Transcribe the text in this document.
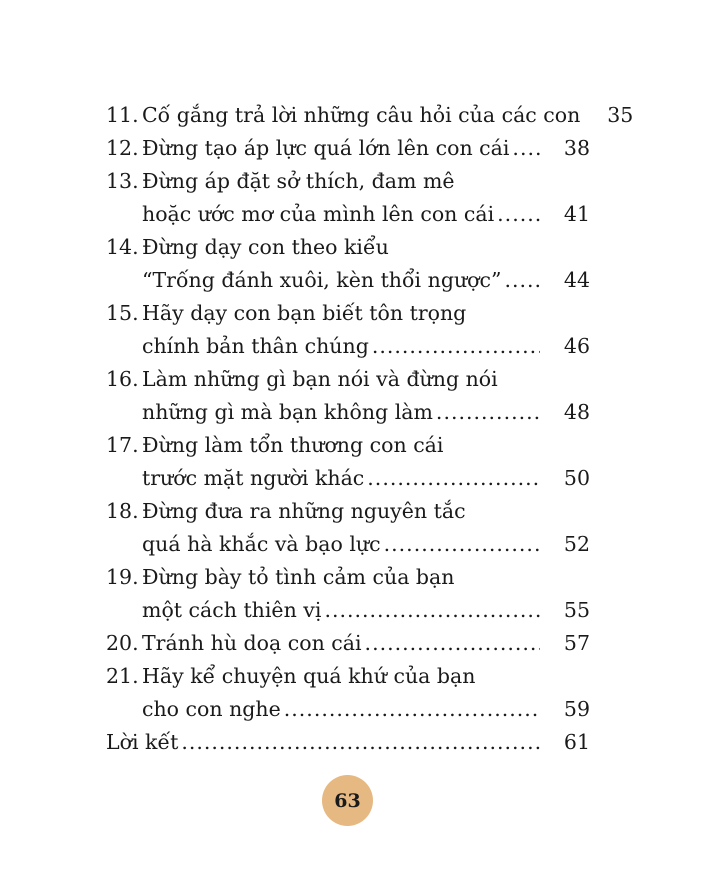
11. Cố gắng trả lời những câu hỏi của các con	35
12. Đừng tạo áp lực quá lớn lên con cái .....	38
13. Đừng áp đặt sở thích, đam mê
hoặc ước mơ của mình lên con cái .....	41
14. Đừng dạy con theo kiểu
“Trống đánh xuôi, kèn thổi ngược” .....	44
15. Hãy dạy con bạn biết tôn trọng
chính bản thân chúng .....	46
16. Làm những gì bạn nói và đừng nói
những gì mà bạn không làm .....	48
17. Đừng làm tổn thương con cái
trước mặt người khác .....	50
18. Đừng đưa ra những nguyên tắc
quá hà khắc và bạo lực .....	52
19. Đừng bày tỏ tình cảm của bạn
một cách thiên vị .....	55
20. Tránh hù doạ con cái .....	57
21. Hãy kể chuyện quá khứ của bạn
cho con nghe .....	59
Lời kết .....	61
63
